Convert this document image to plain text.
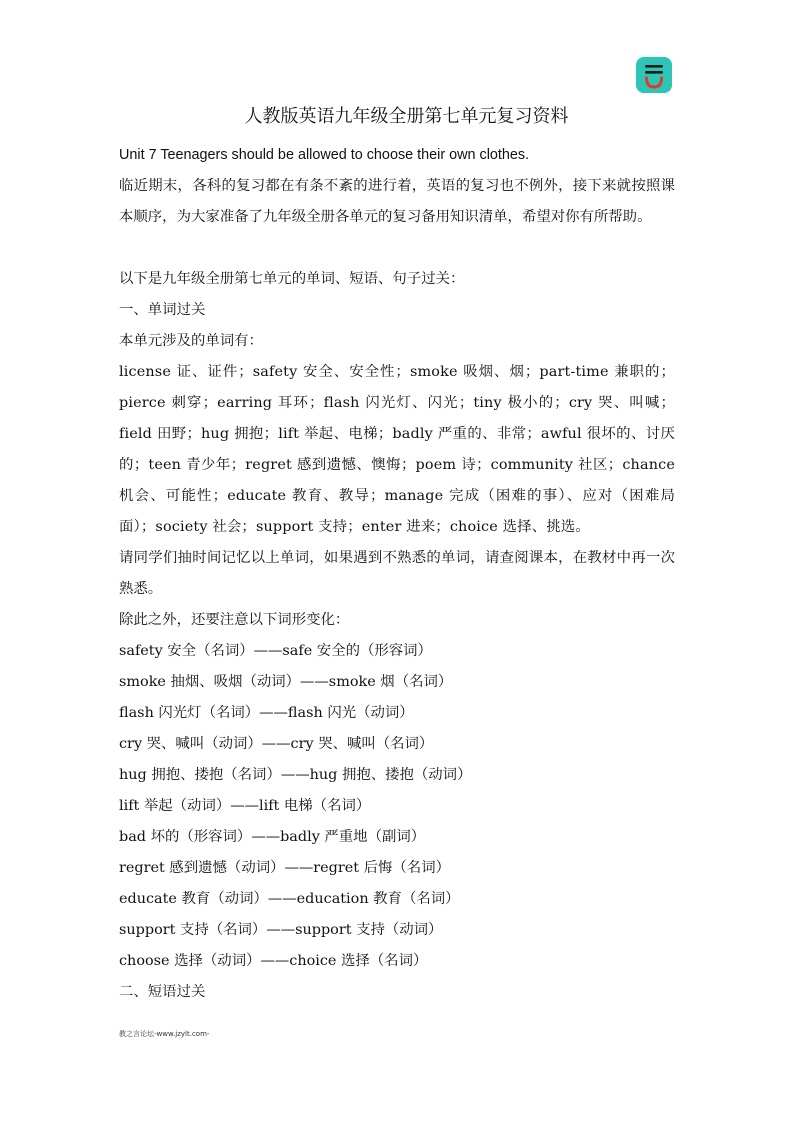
人教版英语九年级全册第七单元复习资料
Unit 7 Teenagers should be allowed to choose their own clothes.

临近期末，各科的复习都在有条不紊的进行着，英语的复习也不例外，接下来就按照课本顺序，为大家准备了九年级全册各单元的复习备用知识清单，希望对你有所帮助。

以下是九年级全册第七单元的单词、短语、句子过关：
一、单词过关
本单元涉及的单词有：

license 证、证件；safety 安全、安全性；smoke 吸烟、烟；part-time 兼职的；pierce 刺穿；earring 耳环；flash 闪光灯、闪光；tiny 极小的；cry 哭、叫喊；field 田野；hug 拥抱；lift 举起、电梯；badly 严重的、非常；awful 很坏的、讨厌的；teen 青少年；regret 感到遗憾、懊悔；poem 诗；community 社区；chance 机会、可能性；educate 教育、教导；manage 完成（困难的事）、应对（困难局面）；society 社会；support 支持；enter 进来；choice 选择、挑选。

请同学们抽时间记忆以上单词，如果遇到不熟悉的单词，请查阅课本，在教材中再一次熟悉。

除此之外，还要注意以下词形变化：
safety 安全（名词）——safe 安全的（形容词）
smoke 抽烟、吸烟（动词）——smoke 烟（名词）
flash 闪光灯（名词）——flash 闪光（动词）
cry 哭、喊叫（动词）——cry 哭、喊叫（名词）
hug 拥抱、搂抱（名词）——hug 拥抱、搂抱（动词）
lift 举起（动词）——lift 电梯（名词）
bad 坏的（形容词）——badly 严重地（副词）
regret 感到遗憾（动词）——regret 后悔（名词）
educate 教育（动词）——education 教育（名词）
support 支持（名词）——support 支持（动词）
choose 选择（动词）——choice 选择（名词）
二、短语过关
教之言论坛-www.jzylt.com-
